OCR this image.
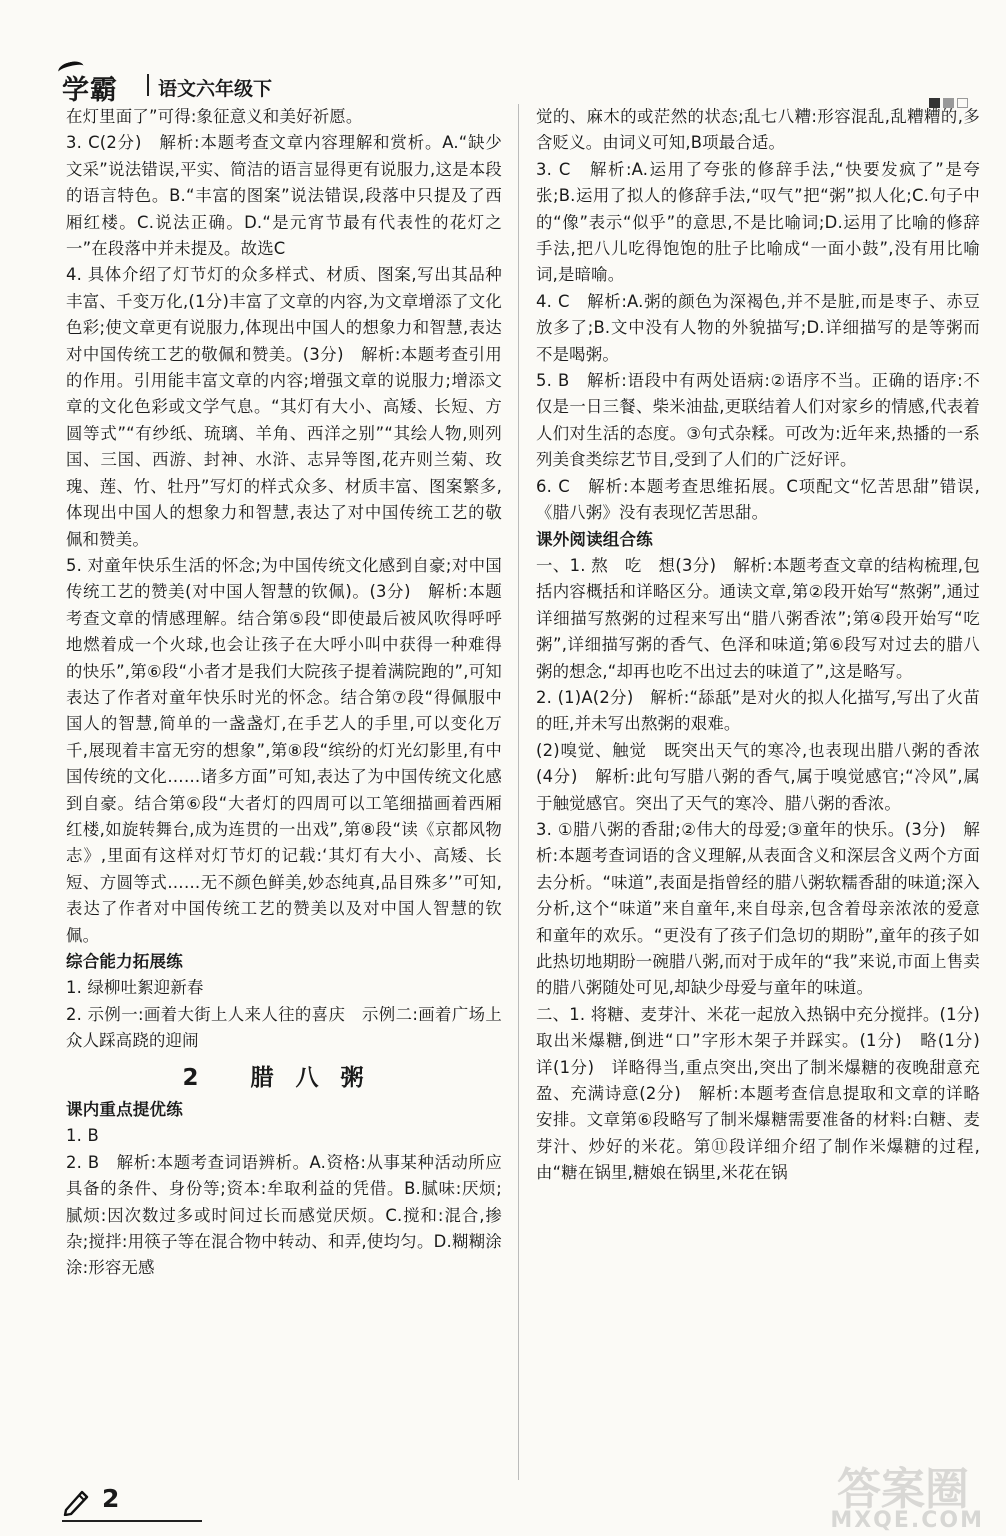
学霸 语文六年级下

在灯里面了”可得:象征意义和美好祈愿。

3. C(2分)　解析:本题考查文章内容理解和赏析。A.“缺少文采”说法错误,平实、简洁的语言显得更有说服力,这是本段的语言特色。B.“丰富的图案”说法错误,段落中只提及了西厢红楼。C.说法正确。D.“是元宵节最有代表性的花灯之一”在段落中并未提及。故选C

4. 具体介绍了灯节灯的众多样式、材质、图案,写出其品种丰富、千变万化,(1分)丰富了文章的内容,为文章增添了文化色彩;使文章更有说服力,体现出中国人的想象力和智慧,表达对中国传统工艺的敬佩和赞美。(3分)　解析:本题考查引用的作用。引用能丰富文章的内容;增强文章的说服力;增添文章的文化色彩或文学气息。“其灯有大小、高矮、长短、方圆等式”“有纱纸、琉璃、羊角、西洋之别”“其绘人物,则列国、三国、西游、封神、水浒、志异等图,花卉则兰菊、玫瑰、莲、竹、牡丹”写灯的样式众多、材质丰富、图案繁多,体现出中国人的想象力和智慧,表达了对中国传统工艺的敬佩和赞美。

5. 对童年快乐生活的怀念;为中国传统文化感到自豪;对中国传统工艺的赞美(对中国人智慧的钦佩)。(3分)　解析:本题考查文章的情感理解。结合第⑤段“即使最后被风吹得呼呼地燃着成一个火球,也会让孩子在大呼小叫中获得一种难得的快乐”,第⑥段“小者才是我们大院孩子提着满院跑的”,可知表达了作者对童年快乐时光的怀念。结合第⑦段“得佩服中国人的智慧,简单的一盏盏灯,在手艺人的手里,可以变化万千,展现着丰富无穷的想象”,第⑧段“缤纷的灯光幻影里,有中国传统的文化……诸多方面”可知,表达了为中国传统文化感到自豪。结合第⑥段“大者灯的四周可以工笔细描画着西厢红楼,如旋转舞台,成为连贯的一出戏”,第⑧段“读《京都风物志》,里面有这样对灯节灯的记载:‘其灯有大小、高矮、长短、方圆等式……无不颜色鲜美,妙态纯真,品目殊多’”可知,表达了作者对中国传统工艺的赞美以及对中国人智慧的钦佩。

综合能力拓展练

1. 绿柳吐絮迎新春

2. 示例一:画着大街上人来人往的喜庆　示例二:画着广场上众人踩高跷的迎闹

2 腊八粥

课内重点提优练

1. B

2. B　解析:本题考查词语辨析。A.资格:从事某种活动所应具备的条件、身份等;资本:牟取利益的凭借。B.腻味:厌烦;腻烦:因次数过多或时间过长而感觉厌烦。C.搅和:混合,掺杂;搅拌:用筷子等在混合物中转动、和弄,使均匀。D.糊糊涂涂:形容无感

觉的、麻木的或茫然的状态;乱七八糟:形容混乱,乱糟糟的,多含贬义。由词义可知,B项最合适。

3. C　解析:A.运用了夸张的修辞手法,“快要发疯了”是夸张;B.运用了拟人的修辞手法,“叹气”把“粥”拟人化;C.句子中的“像”表示“似乎”的意思,不是比喻词;D.运用了比喻的修辞手法,把八儿吃得饱饱的肚子比喻成“一面小鼓”,没有用比喻词,是暗喻。

4. C　解析:A.粥的颜色为深褐色,并不是脏,而是枣子、赤豆放多了;B.文中没有人物的外貌描写;D.详细描写的是等粥而不是喝粥。

5. B　解析:语段中有两处语病:②语序不当。正确的语序:不仅是一日三餐、柴米油盐,更联结着人们对家乡的情感,代表着人们对生活的态度。③句式杂糅。可改为:近年来,热播的一系列美食类综艺节目,受到了人们的广泛好评。

6. C　解析:本题考查思维拓展。C项配文“忆苦思甜”错误,《腊八粥》没有表现忆苦思甜。

课外阅读组合练

一、1. 熬　吃　想(3分)　解析:本题考查文章的结构梳理,包括内容概括和详略区分。通读文章,第②段开始写“熬粥”,通过详细描写熬粥的过程来写出“腊八粥香浓”;第④段开始写“吃粥”,详细描写粥的香气、色泽和味道;第⑥段写对过去的腊八粥的想念,“却再也吃不出过去的味道了”,这是略写。

2. (1)A(2分)　解析:“舔舐”是对火的拟人化描写,写出了火苗的旺,并未写出熬粥的艰难。

(2)嗅觉、触觉　既突出天气的寒冷,也表现出腊八粥的香浓(4分)　解析:此句写腊八粥的香气,属于嗅觉感官;“冷风”,属于触觉感官。突出了天气的寒冷、腊八粥的香浓。

3. ①腊八粥的香甜;②伟大的母爱;③童年的快乐。(3分)　解析:本题考查词语的含义理解,从表面含义和深层含义两个方面去分析。“味道”,表面是指曾经的腊八粥软糯香甜的味道;深入分析,这个“味道”来自童年,来自母亲,包含着母亲浓浓的爱意和童年的欢乐。“更没有了孩子们急切的期盼”,童年的孩子如此热切地期盼一碗腊八粥,而对于成年的“我”来说,市面上售卖的腊八粥随处可见,却缺少母爱与童年的味道。

二、1. 将糖、麦芽汁、米花一起放入热锅中充分搅拌。(1分)　取出米爆糖,倒进“口”字形木架子并踩实。(1分)　略(1分)　详(1分)　详略得当,重点突出,突出了制米爆糖的夜晚甜意充盈、充满诗意(2分)　解析:本题考查信息提取和文章的详略安排。文章第⑥段略写了制米爆糖需要准备的材料:白糖、麦芽汁、炒好的米花。第⑪段详细介绍了制作米爆糖的过程,由“糖在锅里,糖娘在锅里,米花在锅

2	答案圈
MXQE.COM
